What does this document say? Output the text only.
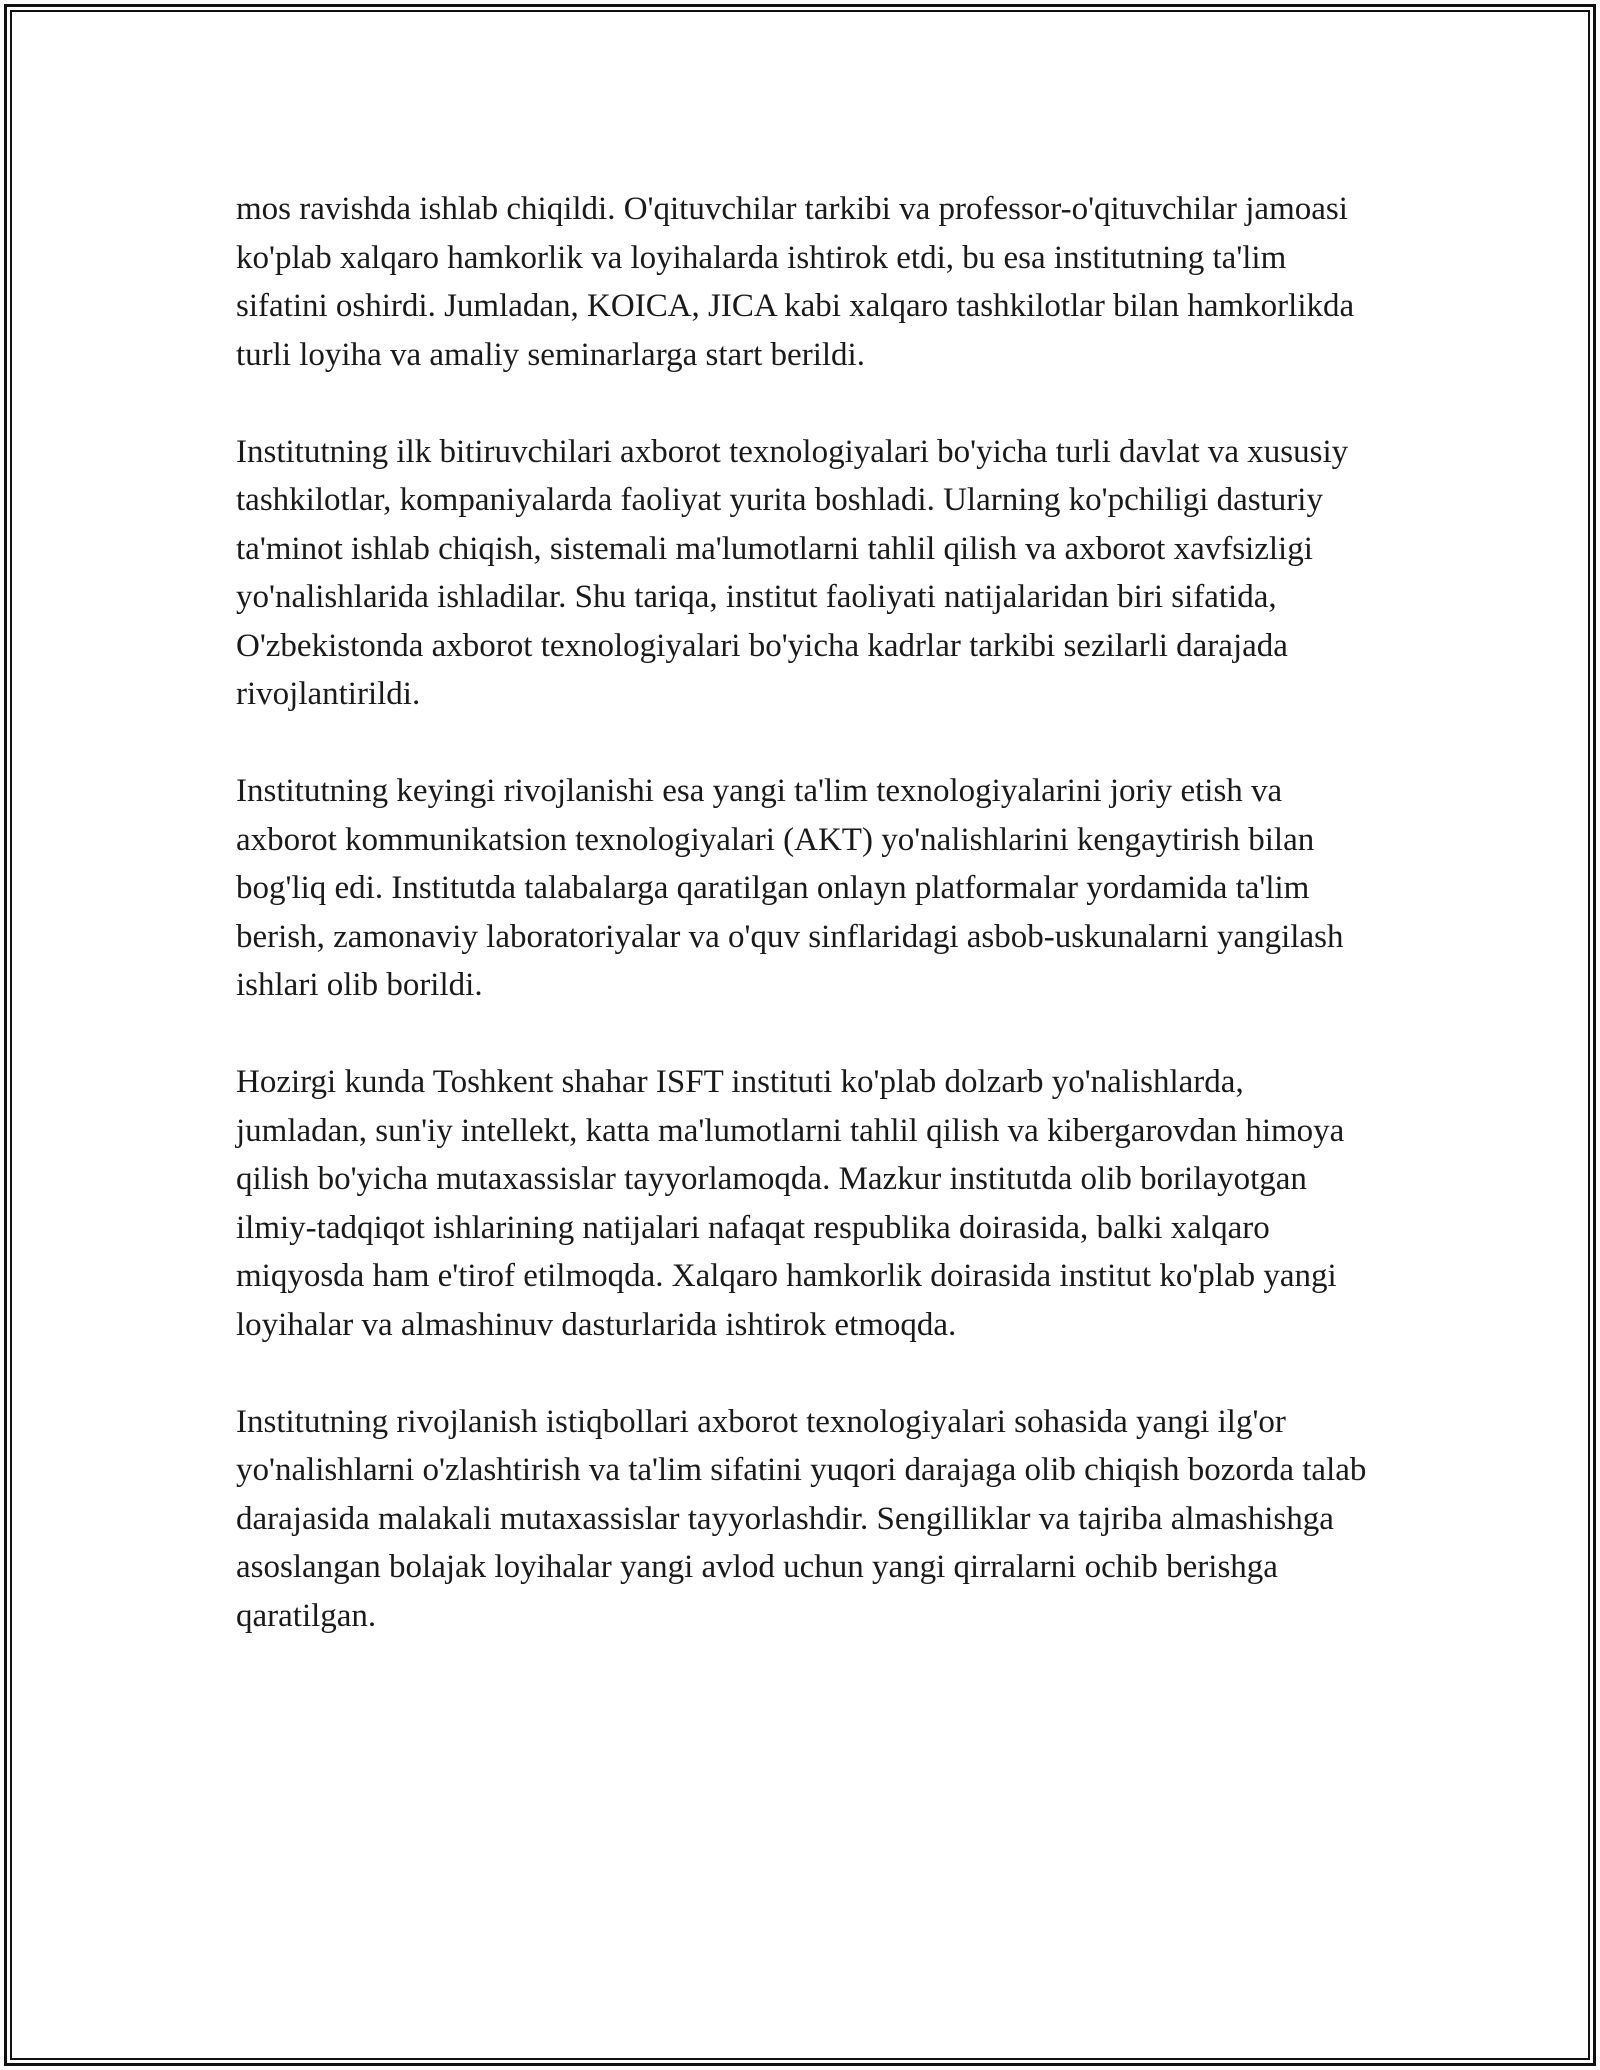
mos ravishda ishlab chiqildi. O'qituvchilar tarkibi va professor-o'qituvchilar jamoasi ko'plab xalqaro hamkorlik va loyihalarda ishtirok etdi, bu esa institutning ta'lim sifatini oshirdi. Jumladan, KOICA, JICA kabi xalqaro tashkilotlar bilan hamkorlikda turli loyiha va amaliy seminarlarga start berildi.

Institutning ilk bitiruvchilari axborot texnologiyalari bo'yicha turli davlat va xususiy tashkilotlar, kompaniyalarda faoliyat yurita boshladi. Ularning ko'pchiligi dasturiy ta'minot ishlab chiqish, sistemali ma'lumotlarni tahlil qilish va axborot xavfsizligi yo'nalishlarida ishladilar. Shu tariqa, institut faoliyati natijalaridan biri sifatida, O'zbekistonda axborot texnologiyalari bo'yicha kadrlar tarkibi sezilarli darajada rivojlantirildi.

Institutning keyingi rivojlanishi esa yangi ta'lim texnologiyalarini joriy etish va axborot kommunikatsion texnologiyalari (AKT) yo'nalishlarini kengaytirish bilan bog'liq edi. Institutda talabalarga qaratilgan onlayn platformalar yordamida ta'lim berish, zamonaviy laboratoriyalar va o'quv sinflaridagi asbob-uskunalarni yangilash ishlari olib borildi.

Hozirgi kunda Toshkent shahar ISFT instituti ko'plab dolzarb yo'nalishlarda, jumladan, sun'iy intellekt, katta ma'lumotlarni tahlil qilish va kibergarovdan himoya qilish bo'yicha mutaxassislar tayyorlamoqda. Mazkur institutda olib borilayotgan ilmiy-tadqiqot ishlarining natijalari nafaqat respublika doirasida, balki xalqaro miqyosda ham e'tirof etilmoqda. Xalqaro hamkorlik doirasida institut ko'plab yangi loyihalar va almashinuv dasturlarida ishtirok etmoqda.

Institutning rivojlanish istiqbollari axborot texnologiyalari sohasida yangi ilg'or yo'nalishlarni o'zlashtirish va ta'lim sifatini yuqori darajaga olib chiqish bozorda talab darajasida malakali mutaxassislar tayyorlashdir. Sengilliklar va tajriba almashishga asoslangan bolajak loyihalar yangi avlod uchun yangi qirralarni ochib berishga qaratilgan.
